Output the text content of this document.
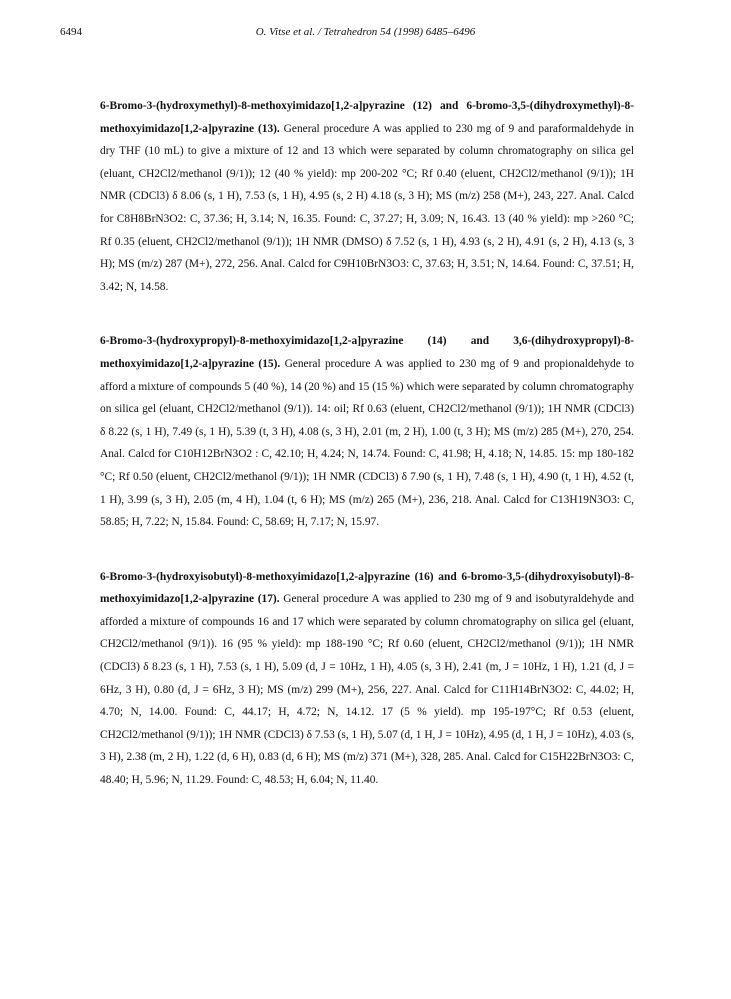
6494	O. Vitse et al. / Tetrahedron 54 (1998) 6485–6496

6-Bromo-3-(hydroxymethyl)-8-methoxyimidazo[1,2-a]pyrazine (12) and 6-bromo-3,5-(dihydroxymethyl)-8-methoxyimidazo[1,2-a]pyrazine (13). General procedure A was applied to 230 mg of 9 and paraformaldehyde in dry THF (10 mL) to give a mixture of 12 and 13 which were separated by column chromatography on silica gel (eluant, CH2Cl2/methanol (9/1)); 12 (40 % yield): mp 200-202 °C; Rf 0.40 (eluent, CH2Cl2/methanol (9/1)); 1H NMR (CDCl3) δ 8.06 (s, 1 H), 7.53 (s, 1 H), 4.95 (s, 2 H) 4.18 (s, 3 H); MS (m/z) 258 (M+), 243, 227. Anal. Calcd for C8H8BrN3O2: C, 37.36; H, 3.14; N, 16.35. Found: C, 37.27; H, 3.09; N, 16.43. 13 (40 % yield): mp >260 °C; Rf 0.35 (eluent, CH2Cl2/methanol (9/1)); 1H NMR (DMSO) δ 7.52 (s, 1 H), 4.93 (s, 2 H), 4.91 (s, 2 H), 4.13 (s, 3 H); MS (m/z) 287 (M+), 272, 256. Anal. Calcd for C9H10BrN3O3: C, 37.63; H, 3.51; N, 14.64. Found: C, 37.51; H, 3.42; N, 14.58.

6-Bromo-3-(hydroxypropyl)-8-methoxyimidazo[1,2-a]pyrazine (14) and 3,6-(dihydroxypropyl)-8-methoxyimidazo[1,2-a]pyrazine (15). General procedure A was applied to 230 mg of 9 and propionaldehyde to afford a mixture of compounds 5 (40 %), 14 (20 %) and 15 (15 %) which were separated by column chromatography on silica gel (eluant, CH2Cl2/methanol (9/1)). 14: oil; Rf 0.63 (eluent, CH2Cl2/methanol (9/1)); 1H NMR (CDCl3) δ 8.22 (s, 1 H), 7.49 (s, 1 H), 5.39 (t, 3 H), 4.08 (s, 3 H), 2.01 (m, 2 H), 1.00 (t, 3 H); MS (m/z) 285 (M+), 270, 254. Anal. Calcd for C10H12BrN3O2 : C, 42.10; H, 4.24; N, 14.74. Found: C, 41.98; H, 4.18; N, 14.85. 15: mp 180-182 °C; Rf 0.50 (eluent, CH2Cl2/methanol (9/1)); 1H NMR (CDCl3) δ 7.90 (s, 1 H), 7.48 (s, 1 H), 4.90 (t, 1 H), 4.52 (t, 1 H), 3.99 (s, 3 H), 2.05 (m, 4 H), 1.04 (t, 6 H); MS (m/z) 265 (M+), 236, 218. Anal. Calcd for C13H19N3O3: C, 58.85; H, 7.22; N, 15.84. Found: C, 58.69; H, 7.17; N, 15.97.

6-Bromo-3-(hydroxyisobutyl)-8-methoxyimidazo[1,2-a]pyrazine (16) and 6-bromo-3,5-(dihydroxyisobutyl)-8-methoxyimidazo[1,2-a]pyrazine (17). General procedure A was applied to 230 mg of 9 and isobutyraldehyde and afforded a mixture of compounds 16 and 17 which were separated by column chromatography on silica gel (eluant, CH2Cl2/methanol (9/1)). 16 (95 % yield): mp 188-190 °C; Rf 0.60 (eluent, CH2Cl2/methanol (9/1)); 1H NMR (CDCl3) δ 8.23 (s, 1 H), 7.53 (s, 1 H), 5.09 (d, J = 10Hz, 1 H), 4.05 (s, 3 H), 2.41 (m, J = 10Hz, 1 H), 1.21 (d, J = 6Hz, 3 H), 0.80 (d, J = 6Hz, 3 H); MS (m/z) 299 (M+), 256, 227. Anal. Calcd for C11H14BrN3O2: C, 44.02; H, 4.70; N, 14.00. Found: C, 44.17; H, 4.72; N, 14.12. 17 (5 % yield). mp 195-197°C; Rf 0.53 (eluent, CH2Cl2/methanol (9/1)); 1H NMR (CDCl3) δ 7.53 (s, 1 H), 5.07 (d, 1 H, J = 10Hz), 4.95 (d, 1 H, J = 10Hz), 4.03 (s, 3 H), 2.38 (m, 2 H), 1.22 (d, 6 H), 0.83 (d, 6 H); MS (m/z) 371 (M+), 328, 285. Anal. Calcd for C15H22BrN3O3: C, 48.40; H, 5.96; N, 11.29. Found: C, 48.53; H, 6.04; N, 11.40.
